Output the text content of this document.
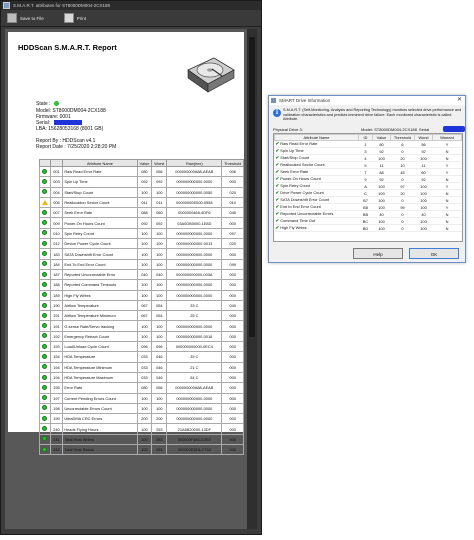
S.M.A.R.T. attributes for ST8000DM004-2CX188
Save to File	Print
HDDScan S.M.A.R.T. Report
State :
Model: ST8000DM004-2CX188
Firmware: 0001
Serial:
LBA: 15628053168 (8001 GB)
Report By : HDDScan v4.1
Report Date : 7/25/2020 2:28:20 PM
		Attribute Name	Value	Worst	Raw(hex)	Threshold
	001	Raw Read Error Rate	080	056	000000000A88-AEAB	006
	003	Spin Up Time	092	092	000000000000-0000	000
	004	Start/Stop Count	100	100	000000000000-0050	020
	005	Reallocation Sector Count	011	011	00000000E000-0558	010
	007	Seek Error Rate	088	060	0000000468-4DF6	045
	009	Power-On Hours Count	092	092	03A0DB0000-1E8D	000
	010	Spin Retry Count	100	100	000000000000-0000	097
	012	Device Power Cycle Count	100	100	000000000000-0013	020
	183	SATA Downshift Error Count	100	100	000000000000-0000	000
	184	End To End Error Count	100	100	000000000000-0000	099
	187	Reported Uncorrectable Error	040	040	000000000000-003A	000
	188	Reported Command Timeouts	100	100	000000000000-0000	000
	189	High Fly Writes	100	100	000000000000-0000	000
	190	Airflow Temperature	067	054	33 C	040
	191	Airflow Temperature Minimum	067	054	25 C	000
	191	G-sense Rate/Servo tracking	100	100	000000000000-0000	000
	192	Emergency Retract Count	100	100	000000000000-0018	000
	193	Load/Unload Cycle Count	096	096	000000000000-0EC4	000
	194	HDA Temperature	033	046	33 C	000
	194	HDA Temperature Minimum	033	046	21 C	000
	194	HDA Temperature Maximum	033	046	54 C	000
	195	Error Rate	080	056	000000000A88-AEAB	000
	197	Current Pending Errors Count	100	100	000000000000-0000	000
	198	Uncorrectable Errors Count	100	100	000000000000-0000	000
	199	UltraDMA CRC Errors	200	200	000000000000-0000	000
	240	Heads Flying Hours	100	253	21A6B20000-13DF	000
	241	Total Host Writes	100	253	000000F486-D2E0	000
	242	Total Host Reads	100	253	000000E5F6-C735	000
SMART Drive Information	✕
i	S.M.A.R.T. (Self-Monitoring, Analysis and Reporting Technology) monitors selected drive performance and calibration characteristics and predicts imminent drive failure. Each monitored characteristic is called Attribute.
Physical Drive 3:	Model: ST8000DM004-2CX188 Serial
Attribute Name	ID	Value	Threshold	Worst	Warrant
✔Raw Read Error Rate	1	80	6	56	Y
✔Spin Up Time	3	92	0	92	N
✔Start/Stop Count	4	100	20	100	N
✔Reallocated Sector Count	5	11	10	11	Y
✔Seek Error Rate	7	88	45	60	Y
✔Power-On Hours Count	9	92	0	92	N
✔Spin Retry Count	A	100	97	100	Y
✔Drive Power Cycle Count	C	100	20	100	N
✔SATA Downshift Error Count	B7	100	0	100	N
✔End to End Error Count	B8	100	99	100	Y
✔Reported Uncorrectable Errors	BB	40	0	40	N
✔Command Time Out	BC	100	0	100	N
✔High Fly Writes	BD	100	0	100	N
Help	OK
